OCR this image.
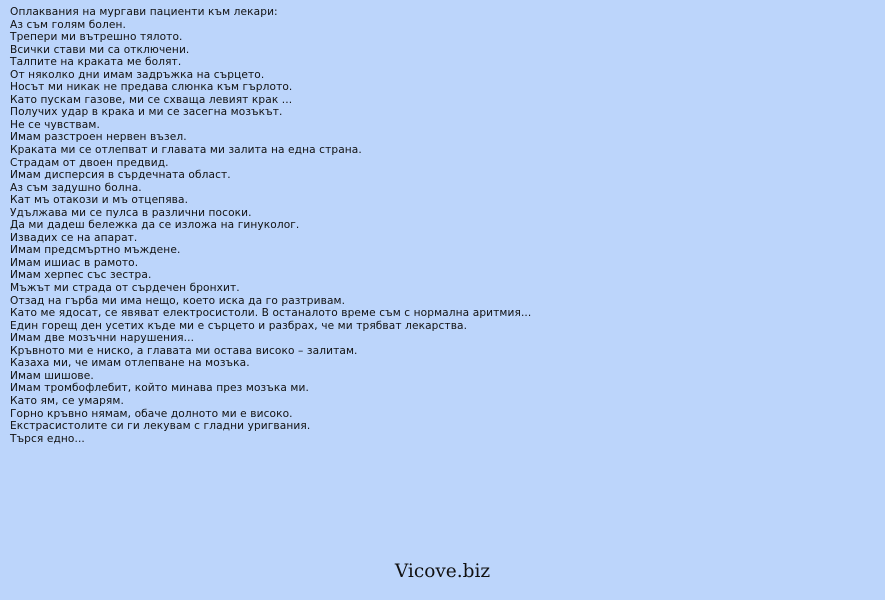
Оплаквания на мургави пациенти към лекари:
Аз съм голям болен.
Трепери ми вътрешно тялото.
Всички стави ми са отключени.
Талпите на краката ме болят.
От няколко дни имам задръжка на сърцето.
Носът ми никак не предава слюнка към гърлото.
Като пускам газове, ми се схваща левият крак ...
Получих удар в крака и ми се засегна мозъкът.
Не се чувствам.
Имам разстроен нервен възел.
Краката ми се отлепват и главата ми залита на една страна.
Страдам от двоен предвид.
Имам дисперсия в сърдечната област.
Аз съм задушно болна.
Кат мъ отакози и мъ отцепява.
Удължава ми се пулса в различни посоки.
Да ми дадеш бележка да се изложа на гинуколог.
Извадих се на апарат.
Имам предсмъртно мъждене.
Имам ишиас в рамото.
Имам херпес със зестра.
Мъжът ми страда от сърдечен бронхит.
Отзад на гърба ми има нещо, което иска да го разтривам.
Като ме ядосат, се явяват електросистоли. В останалото време съм с нормална аритмия...
Един горещ ден усетих къде ми е сърцето и разбрах, че ми трябват лекарства.
Имам две мозъчни нарушения...
Кръвното ми е ниско, а главата ми остава високо – залитам.
Казаха ми, че имам отлепване на мозъка.
Имам шишове.
Имам тромбофлебит, който минава през мозъка ми.
Като ям, се умарям.
Горно кръвно нямам, обаче долното ми е високо.
Екстрасистолите си ги лекувам с гладни уригвания.
Търся едно...
Vicove.biz
